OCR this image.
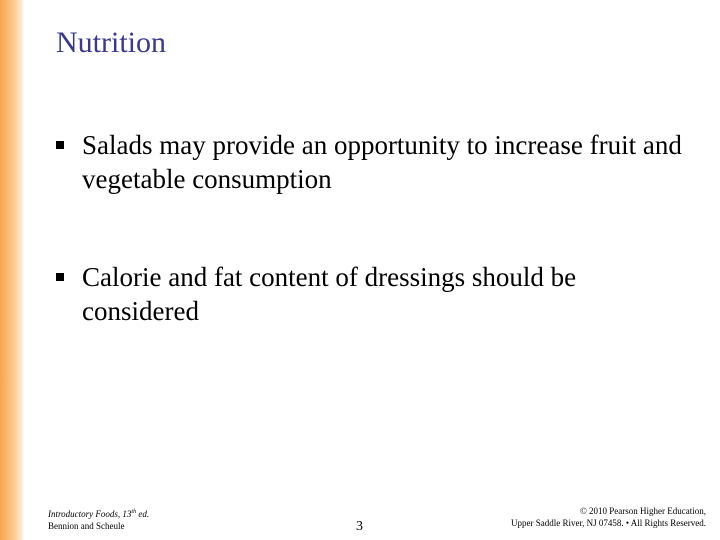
Nutrition
Salads may provide an opportunity to increase fruit and vegetable consumption
Calorie and fat content of dressings should be considered
Introductory Foods, 13th ed.
Bennion and Scheule	3
© 2010 Pearson Higher Education,
Upper Saddle River, NJ 07458. • All Rights Reserved.
